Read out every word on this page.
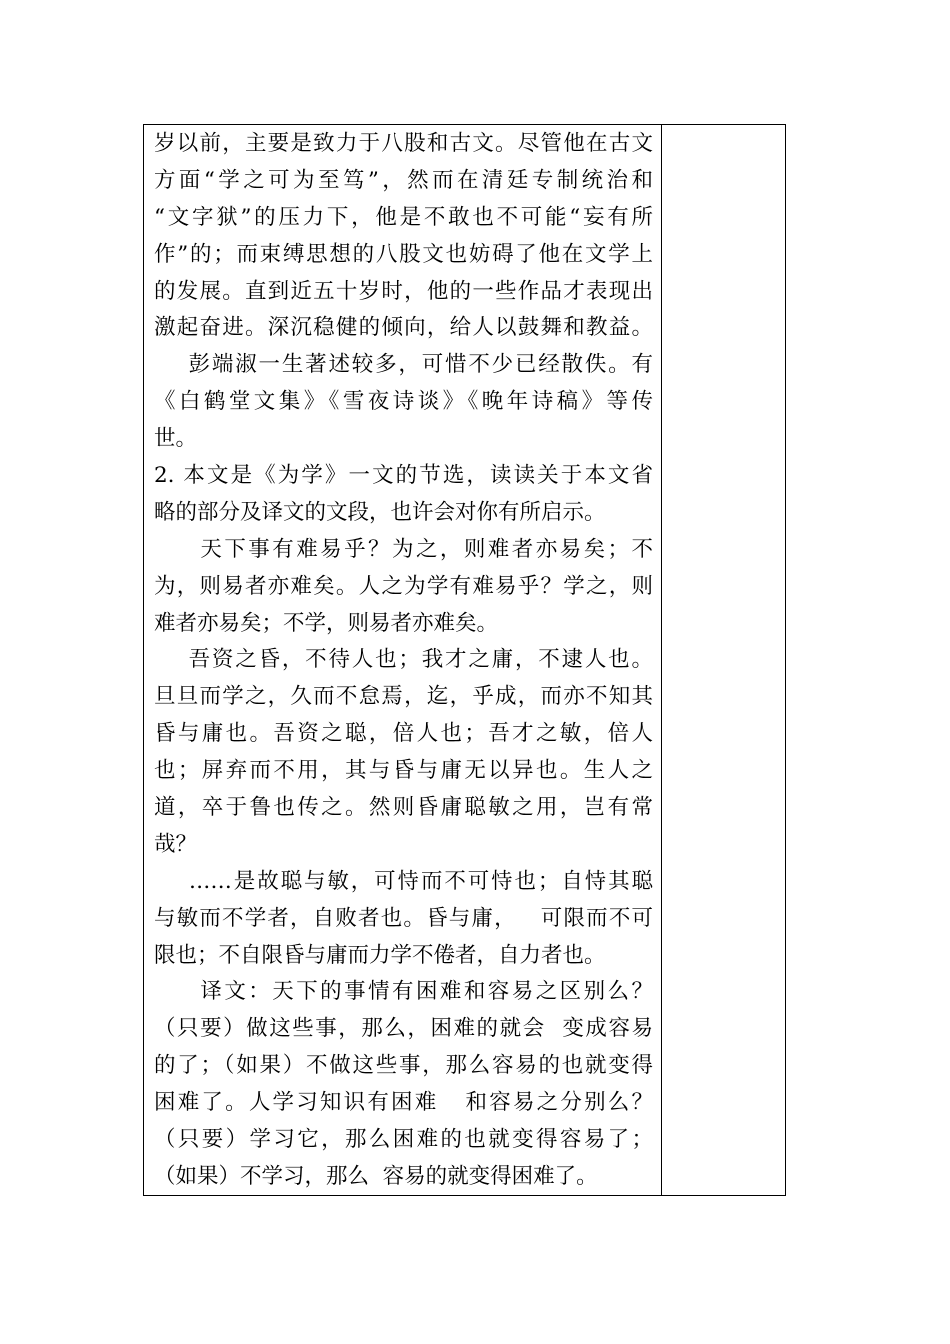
岁以前，主要是致力于八股和古文。尽管他在古文
方面“学之可为至笃”，然而在清廷专制统治和
“文字狱”的压力下，他是不敢也不可能“妄有所
作”的；而束缚思想的八股文也妨碍了他在文学上
的发展。直到近五十岁时，他的一些作品才表现出
激起奋进。深沉稳健的倾向，给人以鼓舞和教益。
彭端淑一生著述较多，可惜不少已经散佚。有
《白鹤堂文集》《雪夜诗谈》《晚年诗稿》等传
世。
2. 本文是《为学》一文的节选，读读关于本文省
略的部分及译文的文段，也许会对你有所启示。
天下事有难易乎？为之，则难者亦易矣；不
为，则易者亦难矣。人之为学有难易乎？学之，则
难者亦易矣；不学，则易者亦难矣。
吾资之昏，不待人也；我才之庸，不逮人也。
旦旦而学之，久而不怠焉，迄，乎成，而亦不知其
昏与庸也。吾资之聪，倍人也；吾才之敏，倍人
也；屏弃而不用，其与昏与庸无以异也。生人之
道，卒于鲁也传之。然则昏庸聪敏之用，岂有常
哉？
……是故聪与敏，可恃而不可恃也；自恃其聪
与敏而不学者，自败者也。昏与庸，   可限而不可
限也；不自限昏与庸而力学不倦者，自力者也。
译文：天下的事情有困难和容易之区别么？
（只要）做这些事，那么，困难的就会  变成容易
的了；（如果）不做这些事，那么容易的也就变得
困难了。人学习知识有困难   和容易之分别么？
（只要）学习它，那么困难的也就变得容易了；
（如果）不学习，那么  容易的就变得困难了。
